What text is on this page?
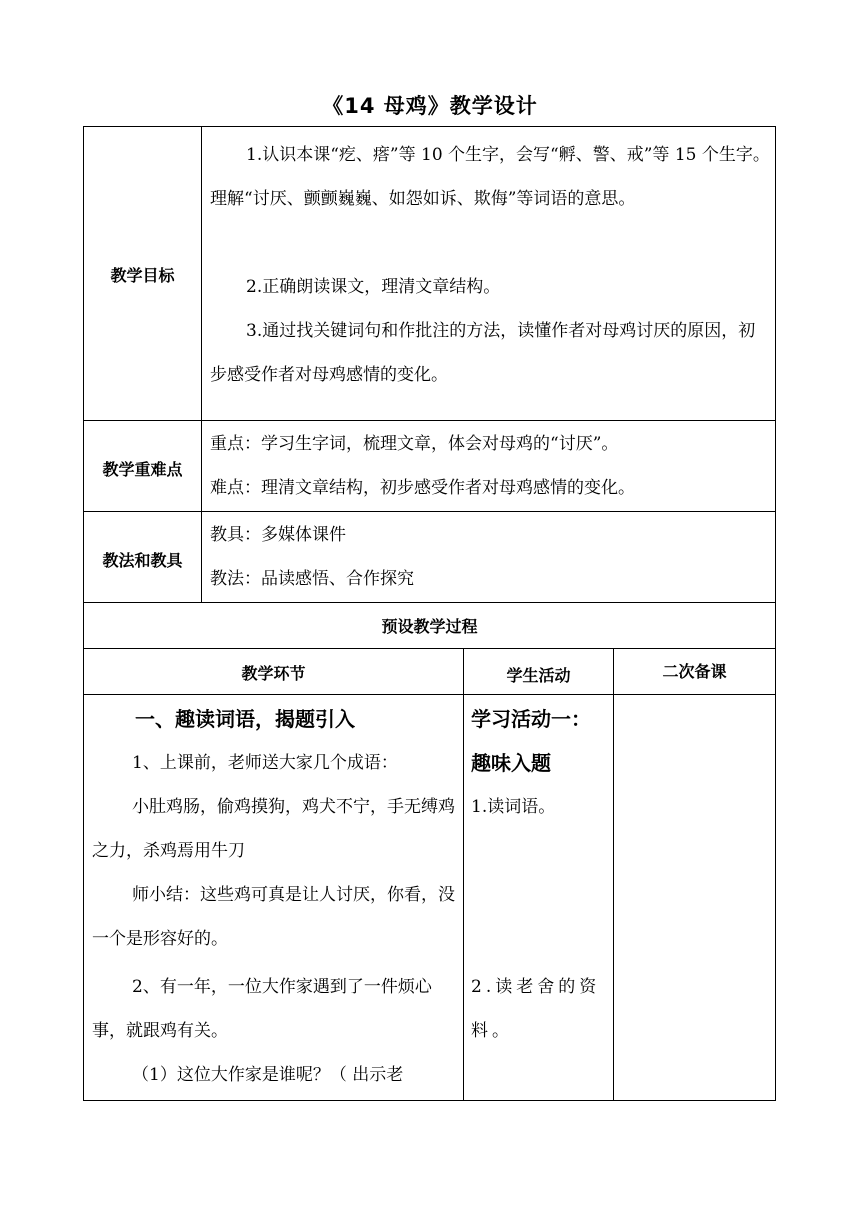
《14 母鸡》教学设计
教学目标
1.认识本课“疙、瘩”等 10 个生字，会写“孵、警、戒”等 15 个生字。理解“讨厌、颤颤巍巍、如怨如诉、欺侮”等词语的意思。
2.正确朗读课文，理清文章结构。
3.通过找关键词句和作批注的方法，读懂作者对母鸡讨厌的原因，初步感受作者对母鸡感情的变化。
教学重难点
重点：学习生字词，梳理文章，体会对母鸡的“讨厌”。
难点：理清文章结构，初步感受作者对母鸡感情的变化。
教法和教具
教具：多媒体课件
教法：品读感悟、合作探究
预设教学过程
教学环节	学生活动	二次备课
一、趣读词语，揭题引入
1、上课前，老师送大家几个成语：
小肚鸡肠，偷鸡摸狗，鸡犬不宁，手无缚鸡之力，杀鸡焉用牛刀
师小结：这些鸡可真是让人讨厌，你看，没一个是形容好的。
2、有一年，一位大作家遇到了一件烦心事，就跟鸡有关。
（1）这位大作家是谁呢？（ 出示老
学习活动一：
趣味入题
1.读词语。
2.读老舍的资料。
